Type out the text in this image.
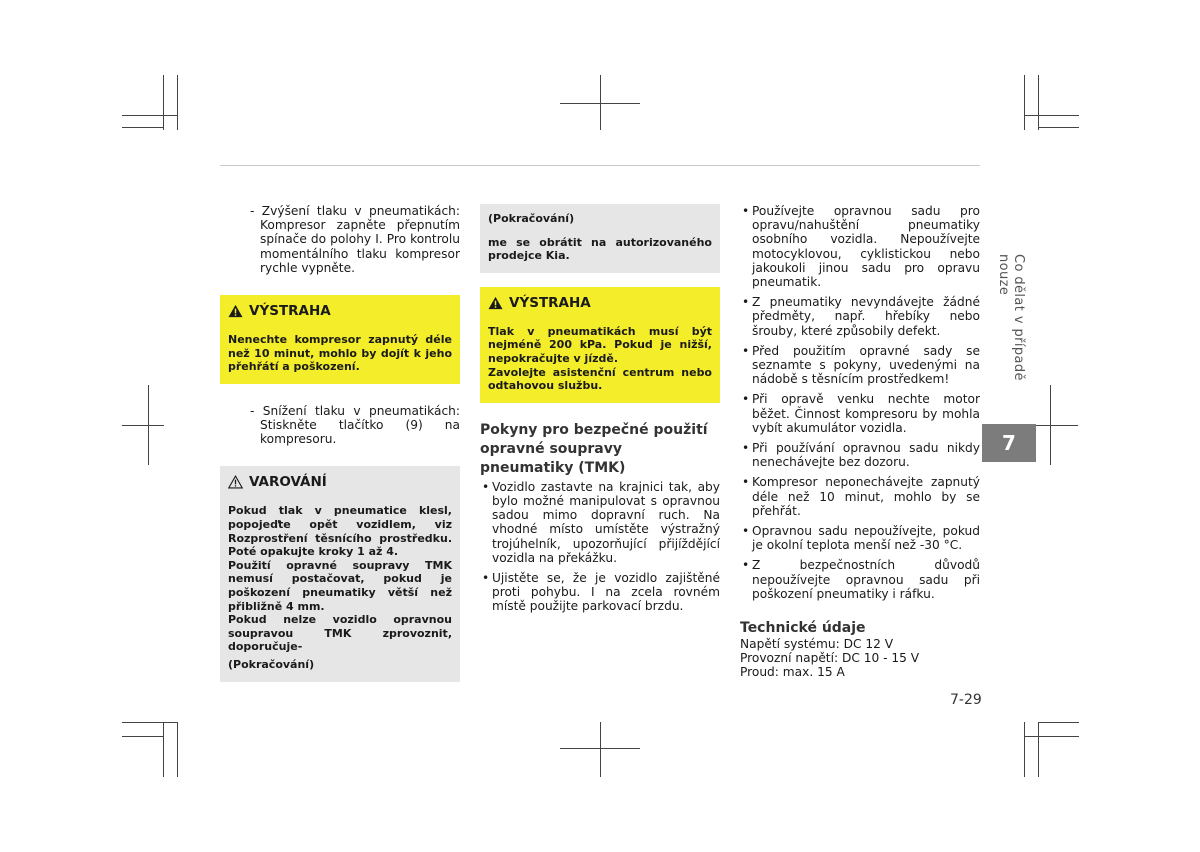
- Zvýšení tlaku v pneumatikách: Kompresor zapněte přepnutím spínače do polohy I. Pro kontrolu momentálního tlaku kompresor rychle vypněte.
VÝSTRAHA
Nenechte kompresor zapnutý déle než 10 minut, mohlo by dojít k jeho přehřátí a poškození.
- Snížení tlaku v pneumatikách: Stiskněte tlačítko (9) na kompresoru.
VAROVÁNÍ

Pokud tlak v pneumatice klesl, popojeďte opět vozidlem, viz Rozprostření těsnícího prostředku. Poté opakujte kroky 1 až 4.

Použití opravné soupravy TMK nemusí postačovat, pokud je poškození pneumatiky větší než přibližně 4 mm.

Pokud nelze vozidlo opravnou soupravou TMK zprovoznit, doporučuje-

(Pokračování)

(Pokračování)
me se obrátit na autorizovaného prodejce Kia.
VÝSTRAHA

Tlak v pneumatikách musí být nejméně 200 kPa. Pokud je nižší, nepokračujte v jízdě.

Zavolejte asistenční centrum nebo odtahovou službu.

Pokyny pro bezpečné použití opravné soupravy pneumatiky (TMK)
• Vozidlo zastavte na krajnici tak, aby bylo možné manipulovat s opravnou sadou mimo dopravní ruch. Na vhodné místo umístěte výstražný trojúhelník, upozorňující přijíždějící vozidla na překážku.
• Ujistěte se, že je vozidlo zajištěné proti pohybu. I na zcela rovném místě použijte parkovací brzdu.
• Používejte opravnou sadu pro opravu/nahuštění pneumatiky osobního vozidla. Nepoužívejte motocyklovou, cyklistickou nebo jakoukoli jinou sadu pro opravu pneumatik.
• Z pneumatiky nevyndávejte žádné předměty, např. hřebíky nebo šrouby, které způsobily defekt.
• Před použitím opravné sady se seznamte s pokyny, uvedenými na nádobě s těsnícím prostředkem!
• Při opravě venku nechte motor běžet. Činnost kompresoru by mohla vybít akumulátor vozidla.
• Při používání opravnou sadu nikdy nenechávejte bez dozoru.
• Kompresor neponechávejte zapnutý déle než 10 minut, mohlo by se přehřát.
• Opravnou sadu nepoužívejte, pokud je okolní teplota menší než -30 °C.
• Z bezpečnostních důvodů nepoužívejte opravnou sadu při poškození pneumatiky i ráfku.
Technické údaje
Napětí systému: DC 12 V
Provozní napětí: DC 10 - 15 V
Proud: max. 15 A
Co dělat v případě nouze
7
7-29
